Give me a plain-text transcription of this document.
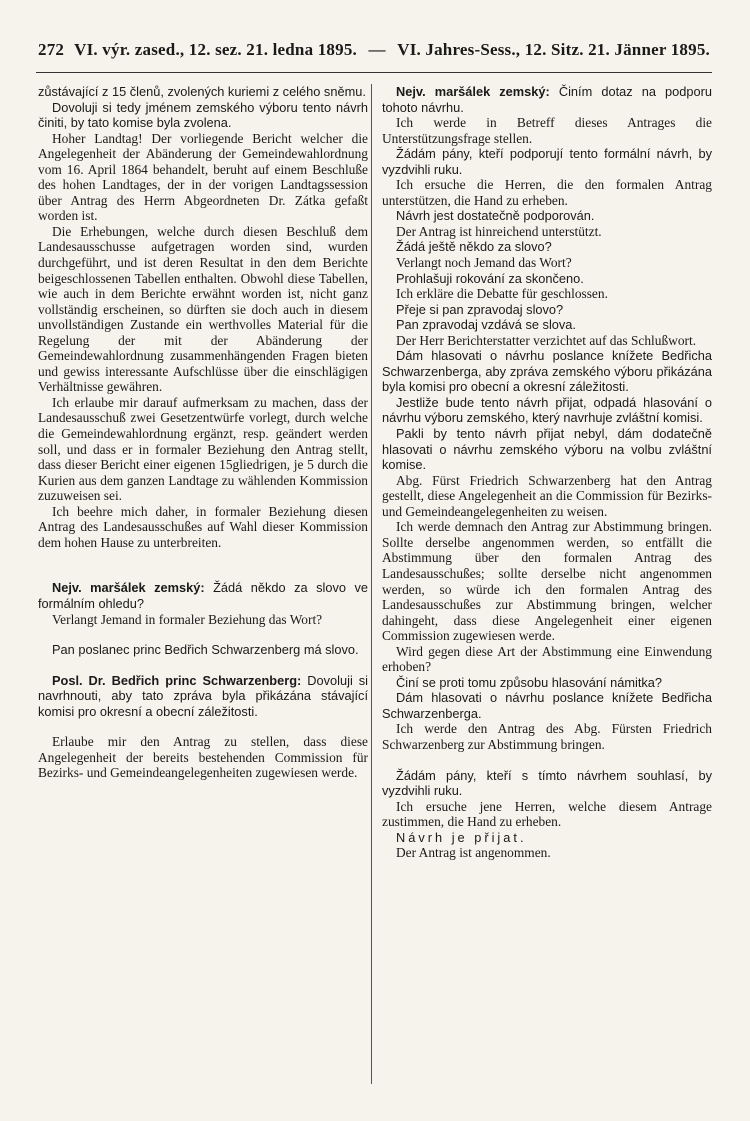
272 VI. výr. zased., 12. sez. 21. ledna 1895. — VI. Jahres-Sess., 12. Sitz. 21. Jänner 1895.

zůstávající z 15 členů, zvolených kuriemi z celého sněmu.

Dovoluji si tedy jménem zemského výboru tento návrh činiti, by tato komise byla zvolena.

Hoher Landtag! Der vorliegende Bericht welcher die Angelegenheit der Abänderung der Gemeindewahlordnung vom 16. April 1864 behandelt, beruht auf einem Beschluße des hohen Landtages, der in der vorigen Landtagssession über Antrag des Herrn Abgeordneten Dr. Zátka gefaßt worden ist.

Die Erhebungen, welche durch diesen Beschluß dem Landesausschusse aufgetragen worden sind, wurden durchgeführt, und ist deren Resultat in den dem Berichte beigeschlossenen Tabellen enthalten. Obwohl diese Tabellen, wie auch in dem Berichte erwähnt worden ist, nicht ganz vollständig erscheinen, so dürften sie doch auch in diesem unvollständigen Zustande ein werthvolles Material für die Regelung der mit der Abänderung der Gemeindewahlordnung zusammenhängenden Fragen bieten und gewiss interessante Aufschlüsse über die einschlägigen Verhältnisse gewähren.

Ich erlaube mir darauf aufmerksam zu machen, dass der Landesausschuß zwei Gesetzentwürfe vorlegt, durch welche die Gemeindewahlordnung ergänzt, resp. geändert werden soll, und dass er in formaler Beziehung den Antrag stellt, dass dieser Bericht einer eigenen 15gliedrigen, je 5 durch die Kurien aus dem ganzen Landtage zu wählenden Kommission zuzuweisen sei.

Ich beehre mich daher, in formaler Beziehung diesen Antrag des Landesausschußes auf Wahl dieser Kommission dem hohen Hause zu unterbreiten.

Nejv. maršálek zemský: Žádá někdo za slovo ve formálním ohledu?

Verlangt Jemand in formaler Beziehung das Wort?

Pan poslanec princ Bedřich Schwarzenberg má slovo.

Posl. Dr. Bedřich princ Schwarzenberg: Dovoluji si navrhnouti, aby tato zpráva byla přikázána stávající komisi pro okresní a obecní záležitosti.

Erlaube mir den Antrag zu stellen, dass diese Angelegenheit der bereits bestehenden Commission für Bezirks- und Gemeindeangelegenheiten zugewiesen werde.

Nejv. maršálek zemský: Činím dotaz na podporu tohoto návrhu.

Ich werde in Betreff dieses Antrages die Unterstützungsfrage stellen.

Žádám pány, kteří podporují tento formální návrh, by vyzdvihli ruku.

Ich ersuche die Herren, die den formalen Antrag unterstützen, die Hand zu erheben.

Návrh jest dostatečně podporován.

Der Antrag ist hinreichend unterstützt.

Žádá ještě někdo za slovo?

Verlangt noch Jemand das Wort?

Prohlašuji rokování za skončeno.

Ich erkläre die Debatte für geschlossen.

Přeje si pan zpravodaj slovo?

Pan zpravodaj vzdává se slova.

Der Herr Berichterstatter verzichtet auf das Schlußwort.

Dám hlasovati o návrhu poslance knížete Bedřicha Schwarzenberga, aby zpráva zemského výboru přikázána byla komisi pro obecní a okresní záležitosti.

Jestliže bude tento návrh přijat, odpadá hlasování o návrhu výboru zemského, který navrhuje zvláštní komisi.

Pakli by tento návrh přijat nebyl, dám dodatečně hlasovati o návrhu zemského výboru na volbu zvláštní komise.

Abg. Fürst Friedrich Schwarzenberg hat den Antrag gestellt, diese Angelegenheit an die Commission für Bezirks- und Gemeindeangelegenheiten zu weisen.

Ich werde demnach den Antrag zur Abstimmung bringen. Sollte derselbe angenommen werden, so entfällt die Abstimmung über den formalen Antrag des Landesausschußes; sollte derselbe nicht angenommen werden, so würde ich den formalen Antrag des Landesausschußes zur Abstimmung bringen, welcher dahingeht, dass diese Angelegenheit einer eigenen Commission zugewiesen werde.

Wird gegen diese Art der Abstimmung eine Einwendung erhoben?

Činí se proti tomu způsobu hlasování námitka?

Dám hlasovati o návrhu poslance knížete Bedřicha Schwarzenberga.

Ich werde den Antrag des Abg. Fürsten Friedrich Schwarzenberg zur Abstimmung bringen.

Žádám pány, kteří s tímto návrhem souhlasí, by vyzdvihli ruku.

Ich ersuche jene Herren, welche diesem Antrage zustimmen, die Hand zu erheben.

Návrh je přijat.

Der Antrag ist angenommen.
